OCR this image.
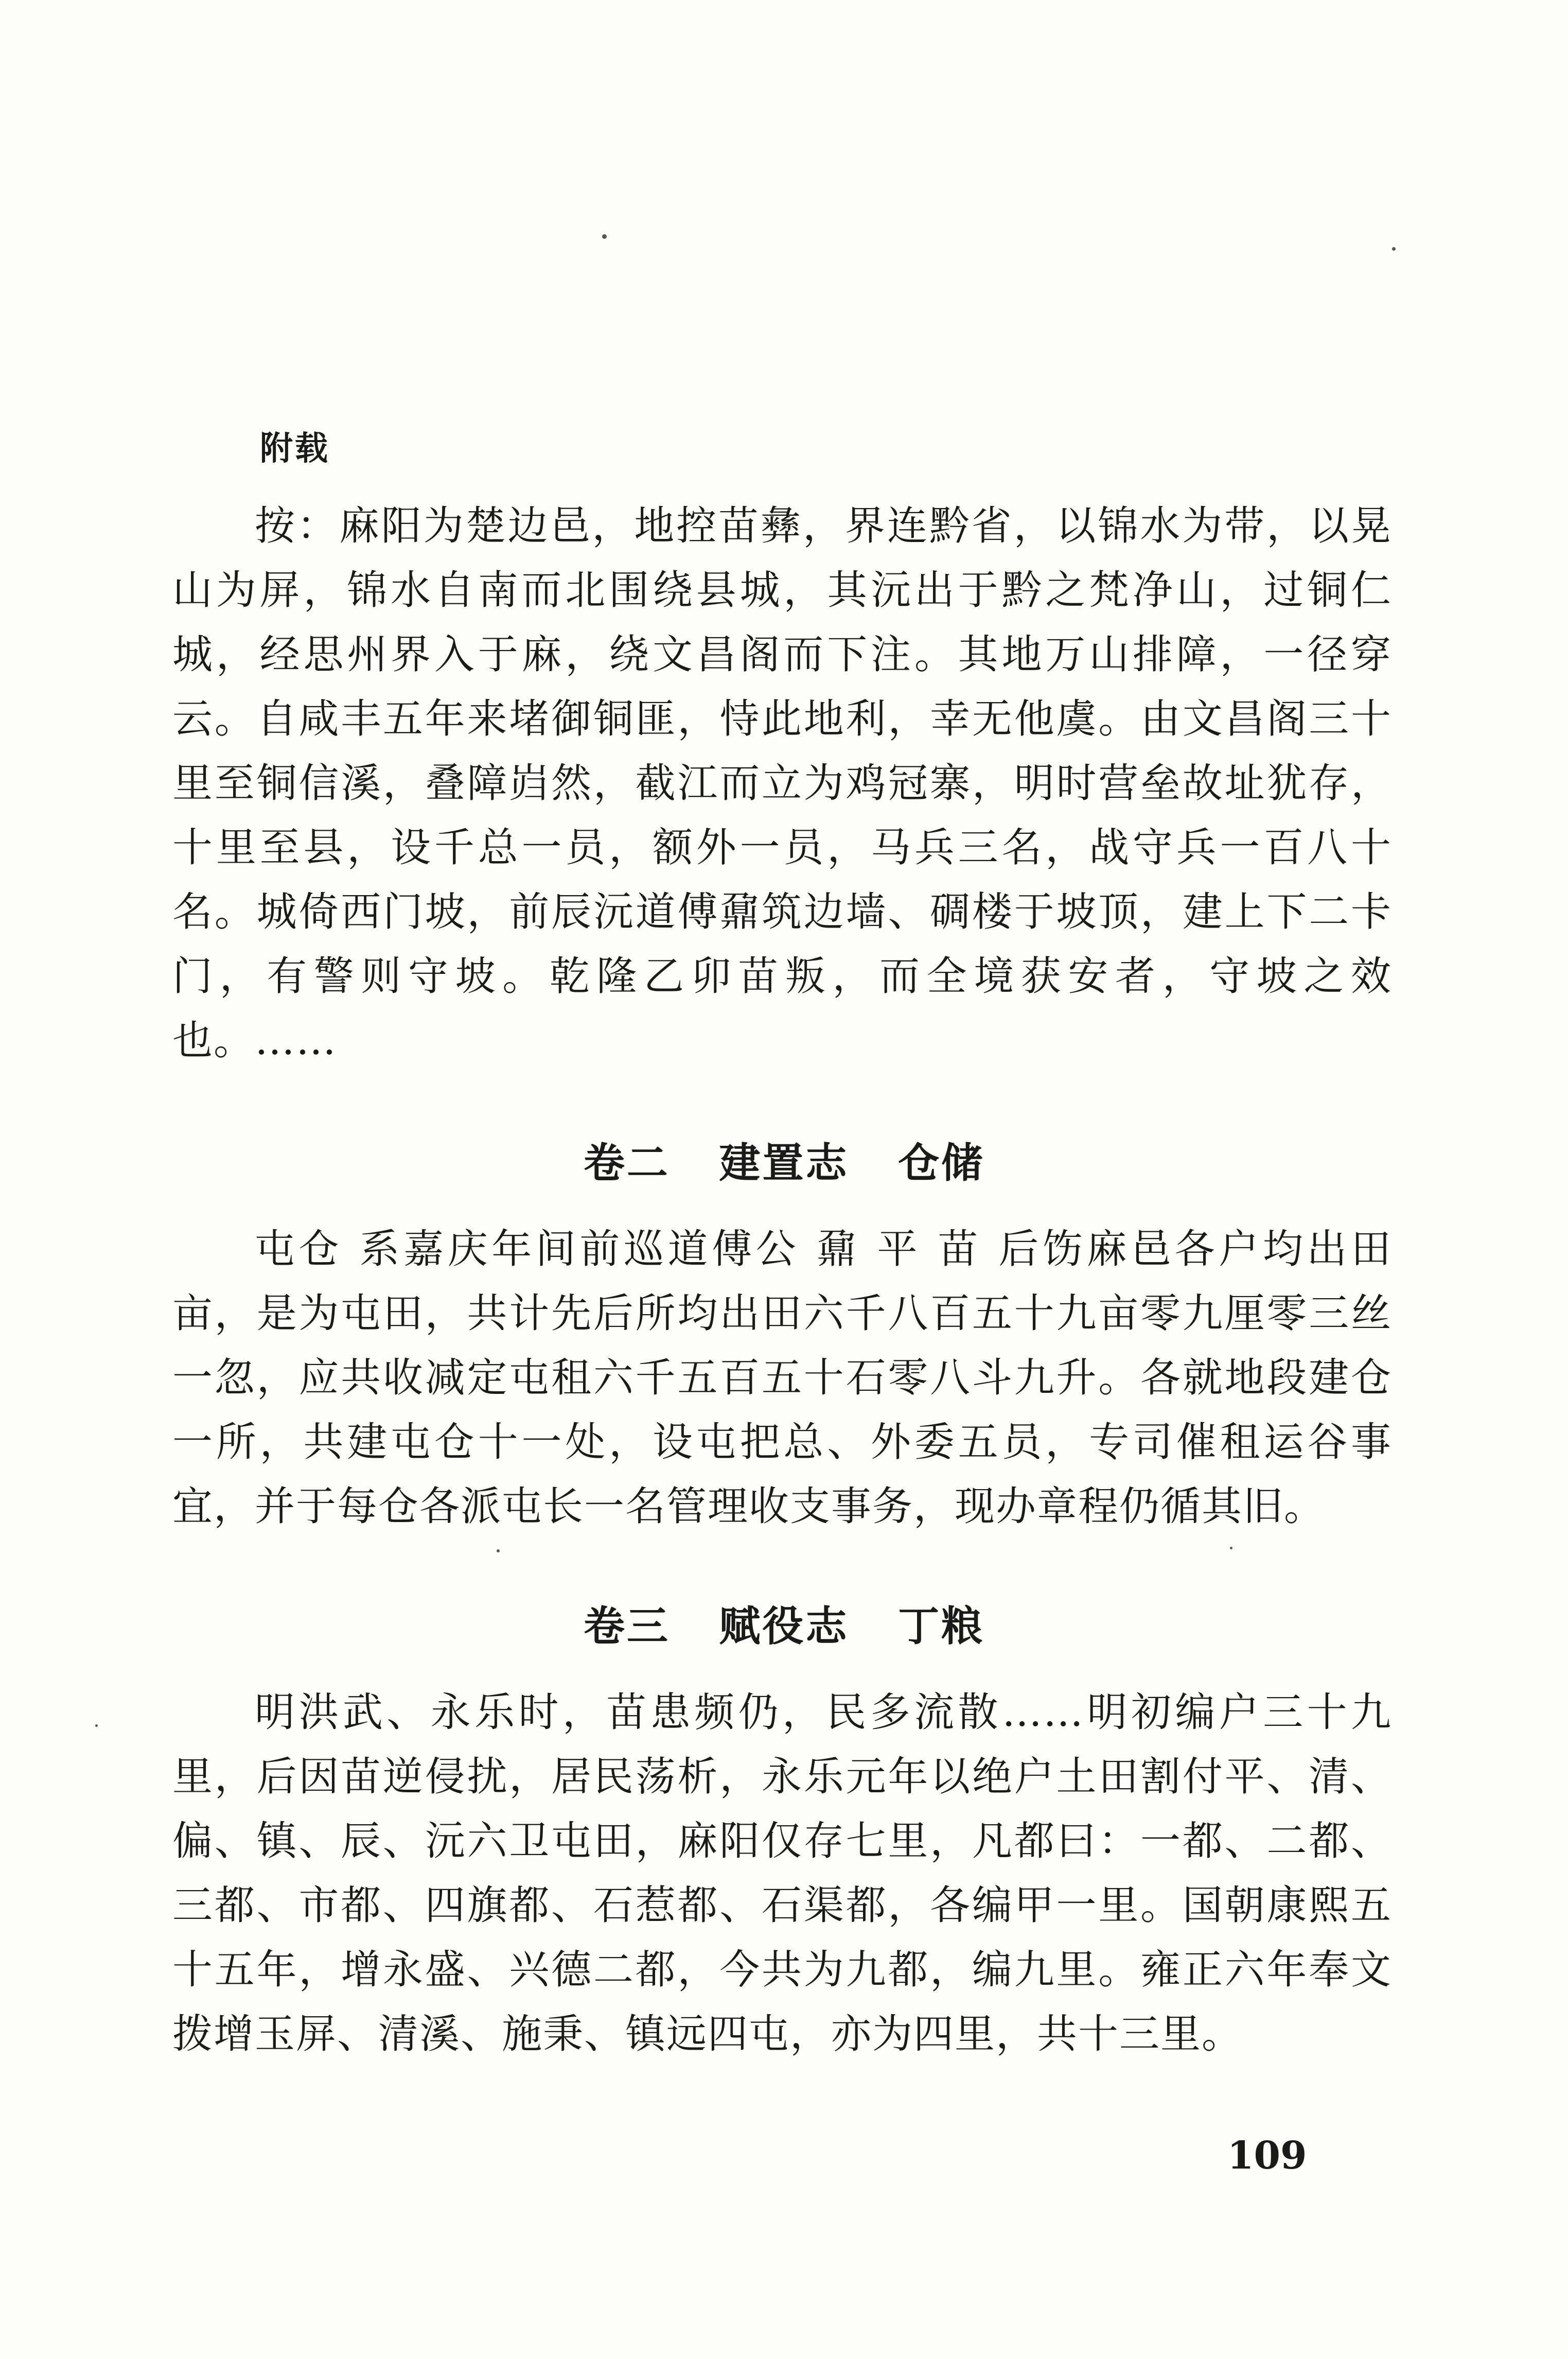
附载

按：麻阳为楚边邑，地控苗彝，界连黔省，以锦水为带，以晃山为屏，锦水自南而北围绕县城，其沅出于黔之梵净山，过铜仁城，经思州界入于麻，绕文昌阁而下注。其地万山排障，一径穿云。自咸丰五年来堵御铜匪，恃此地利，幸无他虞。由文昌阁三十里至铜信溪，叠障岿然，截江而立为鸡冠寨，明时营垒故址犹存，十里至县，设千总一员，额外一员，马兵三名，战守兵一百八十名。城倚西门坡，前辰沅道傅鼐筑边墙、碉楼于坡顶，建上下二卡门，有警则守坡。乾隆乙卯苗叛，而全境获安者，守坡之效也。……

卷二 建置志 仓储

屯仓 系嘉庆年间前巡道傅公 鼐 平 苗 后饬麻邑各户均出田亩，是为屯田，共计先后所均出田六千八百五十九亩零九厘零三丝一忽，应共收减定屯租六千五百五十石零八斗九升。各就地段建仓一所，共建屯仓十一处，设屯把总、外委五员，专司催租运谷事宜，并于每仓各派屯长一名管理收支事务，现办章程仍循其旧。

卷三 赋役志 丁粮

明洪武、永乐时，苗患频仍，民多流散……明初编户三十九里，后因苗逆侵扰，居民荡析，永乐元年以绝户土田割付平、清、偏、镇、辰、沅六卫屯田，麻阳仅存七里，凡都曰：一都、二都、三都、市都、四旗都、石惹都、石渠都，各编甲一里。国朝康熙五十五年，增永盛、兴德二都，今共为九都，编九里。雍正六年奉文拨增玉屏、清溪、施秉、镇远四屯，亦为四里，共十三里。

109
